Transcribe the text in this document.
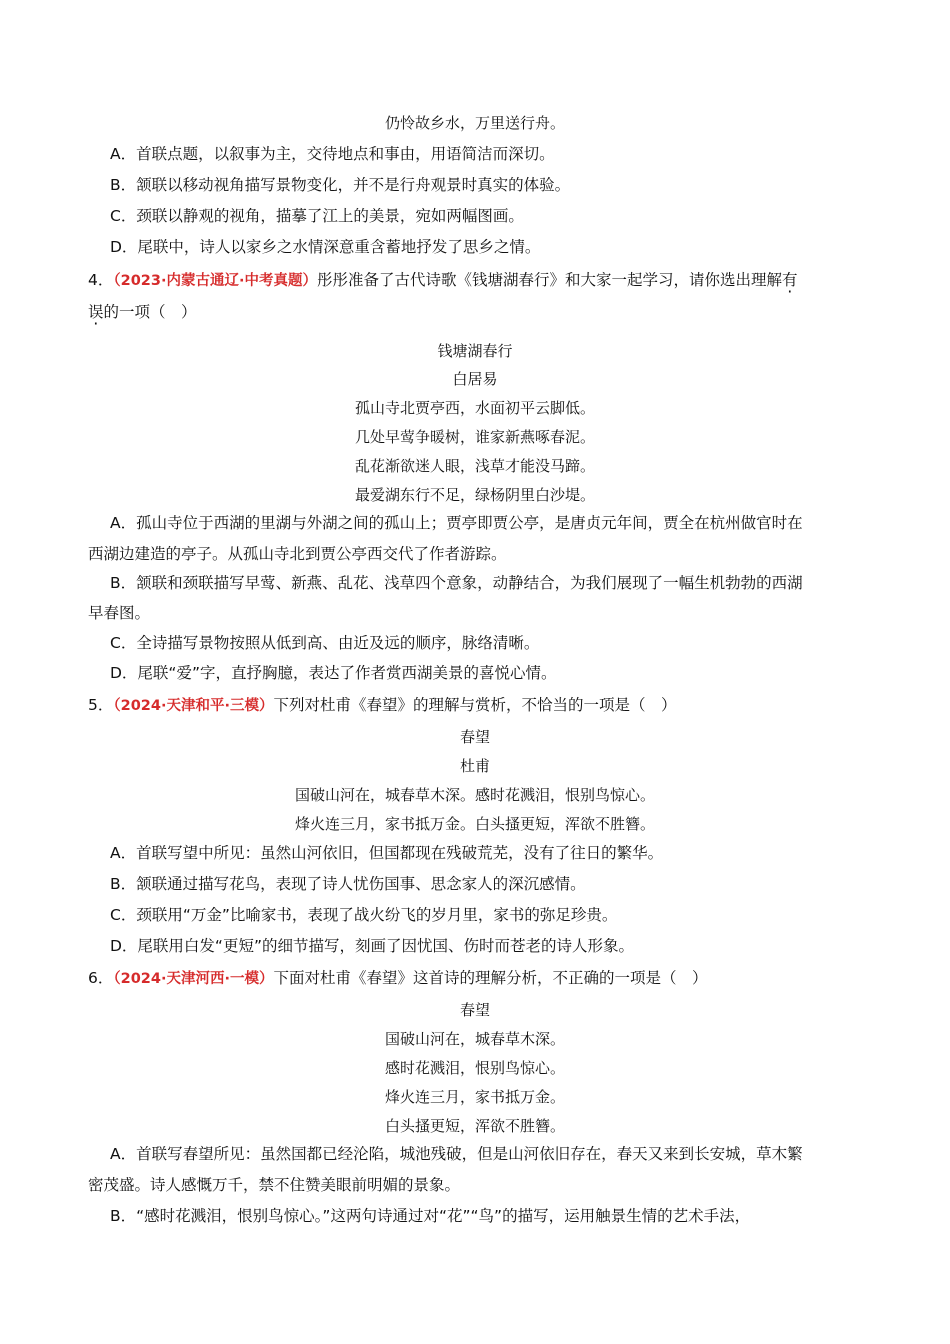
仍怜故乡水，万里送行舟。
A．首联点题，以叙事为主，交待地点和事由，用语简洁而深切。
B．颔联以移动视角描写景物变化，并不是行舟观景时真实的体验。
C．颈联以静观的视角，描摹了江上的美景，宛如两幅图画。
D．尾联中，诗人以家乡之水情深意重含蓄地抒发了思乡之情。
4．（2023·内蒙古通辽·中考真题）彤彤准备了古代诗歌《钱塘湖春行》和大家一起学习，请你选出理解有
误的一项（　）
钱塘湖春行
白居易
孤山寺北贾亭西，水面初平云脚低。
几处早莺争暖树，谁家新燕啄春泥。
乱花渐欲迷人眼，浅草才能没马蹄。
最爱湖东行不足，绿杨阴里白沙堤。
A．孤山寺位于西湖的里湖与外湖之间的孤山上；贾亭即贾公亭，是唐贞元年间，贾全在杭州做官时在
西湖边建造的亭子。从孤山寺北到贾公亭西交代了作者游踪。
B．颔联和颈联描写早莺、新燕、乱花、浅草四个意象，动静结合，为我们展现了一幅生机勃勃的西湖
早春图。
C．全诗描写景物按照从低到高、由近及远的顺序，脉络清晰。
D．尾联“爱”字，直抒胸臆，表达了作者赏西湖美景的喜悦心情。
5．（2024·天津和平·三模）下列对杜甫《春望》的理解与赏析，不恰当的一项是（　）
春望
杜甫
国破山河在，城春草木深。感时花溅泪，恨别鸟惊心。
烽火连三月，家书抵万金。白头搔更短，浑欲不胜簪。
A．首联写望中所见：虽然山河依旧，但国都现在残破荒芜，没有了往日的繁华。
B．颔联通过描写花鸟，表现了诗人忧伤国事、思念家人的深沉感情。
C．颈联用“万金”比喻家书，表现了战火纷飞的岁月里，家书的弥足珍贵。
D．尾联用白发“更短”的细节描写，刻画了因忧国、伤时而苍老的诗人形象。
6．（2024·天津河西·一模）下面对杜甫《春望》这首诗的理解分析，不正确的一项是（　）
春望
国破山河在，城春草木深。
感时花溅泪，恨别鸟惊心。
烽火连三月，家书抵万金。
白头搔更短，浑欲不胜簪。
A．首联写春望所见：虽然国都已经沦陷，城池残破，但是山河依旧存在，春天又来到长安城，草木繁
密茂盛。诗人感慨万千，禁不住赞美眼前明媚的景象。
B．“感时花溅泪，恨别鸟惊心。”这两句诗通过对“花”“鸟”的描写，运用触景生情的艺术手法，
